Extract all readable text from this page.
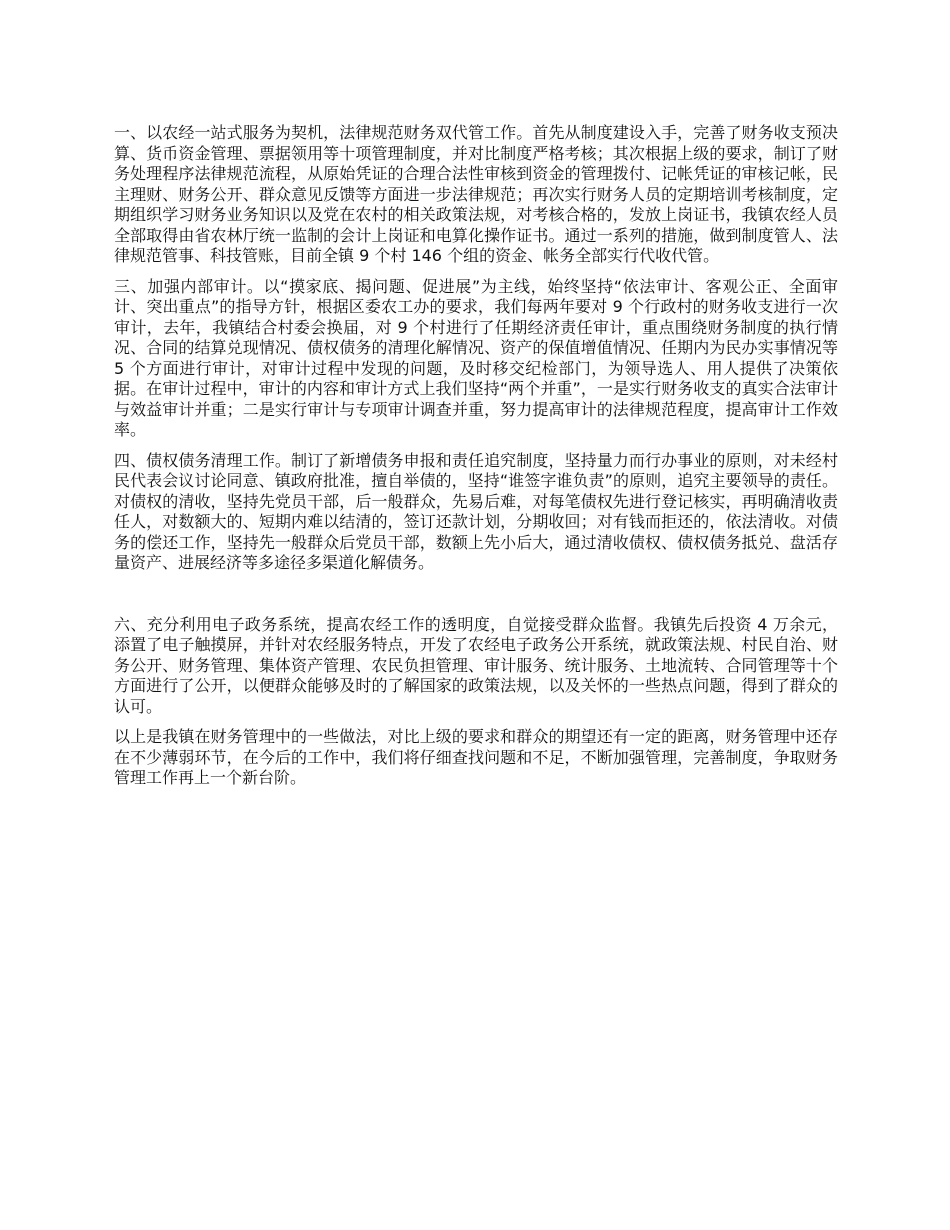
一、以农经一站式服务为契机，法律规范财务双代管工作。首先从制度建设入手，完善了财务收支预决算、货币资金管理、票据领用等十项管理制度，并对比制度严格考核；其次根据上级的要求，制订了财务处理程序法律规范流程，从原始凭证的合理合法性审核到资金的管理拨付、记帐凭证的审核记帐，民主理财、财务公开、群众意见反馈等方面进一步法律规范；再次实行财务人员的定期培训考核制度，定期组织学习财务业务知识以及党在农村的相关政策法规，对考核合格的，发放上岗证书，我镇农经人员全部取得由省农林厅统一监制的会计上岗证和电算化操作证书。通过一系列的措施，做到制度管人、法律规范管事、科技管账，目前全镇 9 个村 146 个组的资金、帐务全部实行代收代管。

三、加强内部审计。以“摸家底、揭问题、促进展”为主线，始终坚持“依法审计、客观公正、全面审计、突出重点”的指导方针，根据区委农工办的要求，我们每两年要对 9 个行政村的财务收支进行一次审计，去年，我镇结合村委会换届，对 9 个村进行了任期经济责任审计，重点围绕财务制度的执行情况、合同的结算兑现情况、债权债务的清理化解情况、资产的保值增值情况、任期内为民办实事情况等 5 个方面进行审计，对审计过程中发现的问题，及时移交纪检部门，为领导选人、用人提供了决策依据。在审计过程中，审计的内容和审计方式上我们坚持“两个并重”，一是实行财务收支的真实合法审计与效益审计并重；二是实行审计与专项审计调查并重，努力提高审计的法律规范程度，提高审计工作效率。

四、债权债务清理工作。制订了新增债务申报和责任追究制度，坚持量力而行办事业的原则，对未经村民代表会议讨论同意、镇政府批准，擅自举债的，坚持“谁签字谁负责”的原则，追究主要领导的责任。对债权的清收，坚持先党员干部，后一般群众，先易后难，对每笔债权先进行登记核实，再明确清收责任人，对数额大的、短期内难以结清的，签订还款计划，分期收回；对有钱而拒还的，依法清收。对债务的偿还工作，坚持先一般群众后党员干部，数额上先小后大，通过清收债权、债权债务抵兑、盘活存量资产、进展经济等多途径多渠道化解债务。

六、充分利用电子政务系统，提高农经工作的透明度，自觉接受群众监督。我镇先后投资 4 万余元，添置了电子触摸屏，并针对农经服务特点，开发了农经电子政务公开系统，就政策法规、村民自治、财务公开、财务管理、集体资产管理、农民负担管理、审计服务、统计服务、土地流转、合同管理等十个方面进行了公开，以便群众能够及时的了解国家的政策法规，以及关怀的一些热点问题，得到了群众的认可。

以上是我镇在财务管理中的一些做法，对比上级的要求和群众的期望还有一定的距离，财务管理中还存在不少薄弱环节，在今后的工作中，我们将仔细查找问题和不足，不断加强管理，完善制度，争取财务管理工作再上一个新台阶。
